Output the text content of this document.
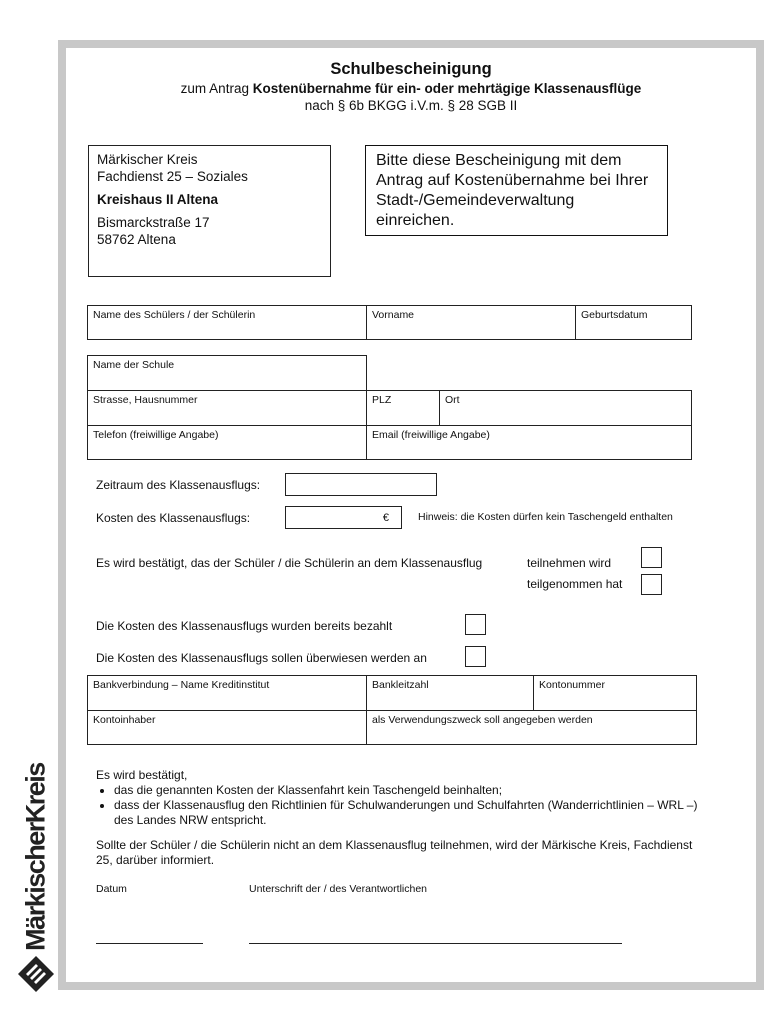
Schulbescheinigung
zum Antrag Kostenübernahme für ein- oder mehrtägige Klassenausflüge
nach § 6b BKGG i.V.m. § 28 SGB II
Märkischer Kreis
Fachdienst 25 – Soziales
Kreishaus II Altena
Bismarckstraße 17
58762 Altena
Bitte diese Bescheinigung mit dem Antrag auf Kostenübernahme bei Ihrer Stadt-/Gemeindeverwaltung einreichen.
Name des Schülers / der Schülerin	Vorname	Geburtsdatum
Name der Schule
Strasse, Hausnummer	PLZ	Ort
Telefon (freiwillige Angabe)	Email (freiwillige Angabe)
Zeitraum des Klassenausflugs:
Kosten des Klassenausflugs:	€	Hinweis: die Kosten dürfen kein Taschengeld enthalten
Es wird bestätigt, das der Schüler / die Schülerin an dem Klassenausflug	teilnehmen wird
teilgenommen hat
Die Kosten des Klassenausflugs wurden bereits bezahlt
Die Kosten des Klassenausflugs sollen überwiesen werden an
Bankverbindung – Name Kreditinstitut	Bankleitzahl	Kontonummer
Kontoinhaber	als Verwendungszweck soll angegeben werden
Es wird bestätigt,
• das die genannten Kosten der Klassenfahrt kein Taschengeld beinhalten;
• dass der Klassenausflug den Richtlinien für Schulwanderungen und Schulfahrten (Wanderrichtlinien – WRL –) des Landes NRW entspricht.
Sollte der Schüler / die Schülerin nicht an dem Klassenausflug teilnehmen, wird der Märkische Kreis, Fachdienst 25, darüber informiert.
Datum	Unterschrift der / des Verantwortlichen
MärkischerKreis
